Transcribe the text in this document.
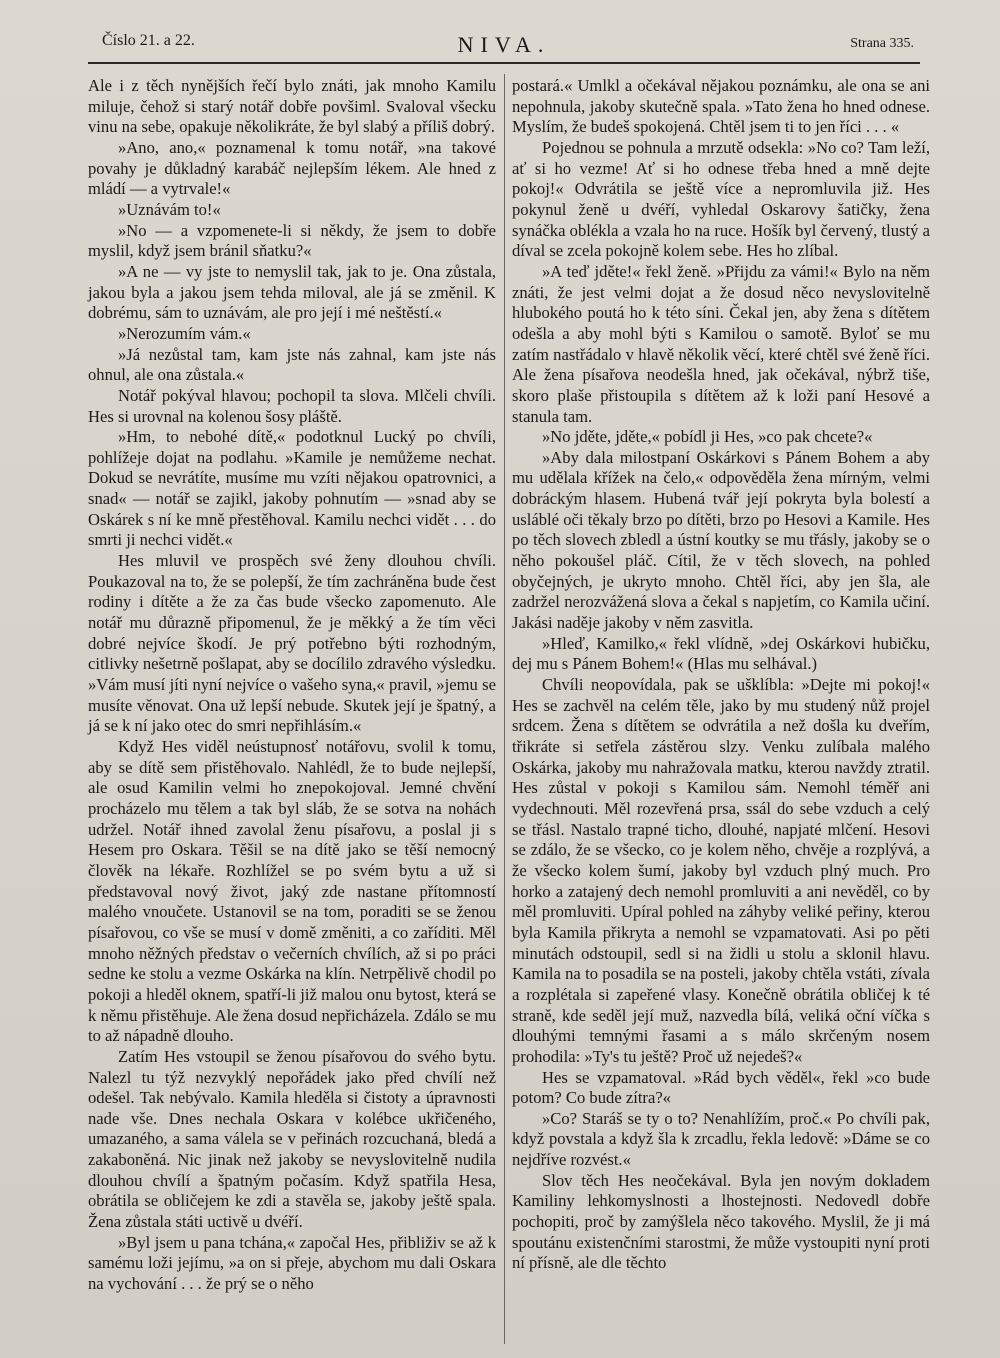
Číslo 21. a 22.	NIVA.	Strana 335.

Ale i z těch nynějších řečí bylo znáti, jak mnoho Kamilu miluje, čehož si starý notář dobře povšiml. Svaloval všecku vinu na sebe, opakuje několikráte, že byl slabý a příliš dobrý.

»Ano, ano,« poznamenal k tomu notář, »na takové povahy je důkladný karabáč nejlepším lékem. Ale hned z mládí — a vytrvale!«

»Uznávám to!«

»No — a vzpomenete-li si někdy, že jsem to dobře myslil, když jsem bránil sňatku?«

»A ne — vy jste to nemyslil tak, jak to je. Ona zůstala, jakou byla a jakou jsem tehda miloval, ale já se změnil. K dobrému, sám to uznávám, ale pro její i mé neštěstí.«

»Nerozumím vám.«

»Já nezůstal tam, kam jste nás zahnal, kam jste nás ohnul, ale ona zůstala.«

Notář pokýval hlavou; pochopil ta slova. Mlčeli chvíli. Hes si urovnal na kolenou šosy pláště.

»Hm, to nebohé dítě,« podotknul Lucký po chvíli, pohlížeje dojat na podlahu. »Kamile je nemůžeme nechat. Dokud se nevrátíte, musíme mu vzíti nějakou opatrovnici, a snad« — notář se zajikl, jakoby pohnutím — »snad aby se Oskárek s ní ke mně přestěhoval. Kamilu nechci vidět . . . do smrti ji nechci vidět.«

Hes mluvil ve prospěch své ženy dlouhou chvíli. Poukazoval na to, že se polepší, že tím zachráněna bude čest rodiny i dítěte a že za čas bude všecko zapomenuto. Ale notář mu důrazně připomenul, že je měkký a že tím věci dobré nejvíce škodí. Je prý potřebno býti rozhodným, citlivky nešetrně pošlapat, aby se docílilo zdravého výsledku. »Vám musí jíti nyní nejvíce o vašeho syna,« pravil, »jemu se musíte věnovat. Ona už lepší nebude. Skutek její je špatný, a já se k ní jako otec do smri nepřihlásím.«

Když Hes viděl neústupnosť notářovu, svolil k tomu, aby se dítě sem přistěhovalo. Nahlédl, že to bude nejlepší, ale osud Kamilin velmi ho znepokojoval. Jemné chvění procházelo mu tělem a tak byl sláb, že se sotva na nohách udržel. Notář ihned zavolal ženu písařovu, a poslal ji s Hesem pro Oskara. Těšil se na dítě jako se těší nemocný člověk na lékaře. Rozhlížel se po svém bytu a už si představoval nový život, jaký zde nastane přítomností malého vnoučete. Ustanovil se na tom, poraditi se se ženou písařovou, co vše se musí v domě změniti, a co zaříditi. Měl mnoho něžných představ o večerních chvílích, až si po práci sedne ke stolu a vezme Oskárka na klín. Netrpělivě chodil po pokoji a hleděl oknem, spatří-li již malou onu bytost, která se k němu přistěhuje. Ale žena dosud nepřicházela. Zdálo se mu to až nápadně dlouho.

Zatím Hes vstoupil se ženou písařovou do svého bytu. Nalezl tu týž nezvyklý nepořádek jako před chvílí než odešel. Tak nebývalo. Kamila hleděla si čistoty a úpravnosti nade vše. Dnes nechala Oskara v kolébce ukřičeného, umazaného, a sama válela se v peřinách rozcuchaná, bledá a zakaboněná. Nic jinak než jakoby se nevyslovitelně nudila dlouhou chvílí a špatným počasím. Když spatřila Hesa, obrátila se obličejem ke zdi a stavěla se, jakoby ještě spala. Žena zůstala státi uctivě u dvéří.

»Byl jsem u pana tchána,« započal Hes, přibliživ se až k samému loži jejímu, »a on si přeje, abychom mu dali Oskara na vychování . . . že prý se o něho

postará.« Umlkl a očekával nějakou poznámku, ale ona se ani nepohnula, jakoby skutečně spala. »Tato žena ho hned odnese. Myslím, že budeš spokojená. Chtěl jsem ti to jen říci . . . «

Pojednou se pohnula a mrzutě odsekla: »No co? Tam leží, ať si ho vezme! Ať si ho odnese třeba hned a mně dejte pokoj!« Odvrátila se ještě více a nepromluvila již. Hes pokynul ženě u dvéří, vyhledal Oskarovy šatičky, žena synáčka oblékla a vzala ho na ruce. Hošík byl červený, tlustý a díval se zcela pokojně kolem sebe. Hes ho zlíbal.

»A teď jděte!« řekl ženě. »Přijdu za vámi!« Bylo na něm znáti, že jest velmi dojat a že dosud něco nevyslovitelně hlubokého poutá ho k této síni. Čekal jen, aby žena s dítětem odešla a aby mohl býti s Kamilou o samotě. Byloť se mu zatím nastřádalo v hlavě několik věcí, které chtěl své ženě říci. Ale žena písařova neodešla hned, jak očekával, nýbrž tiše, skoro plaše přistoupila s dítětem až k loži paní Hesové a stanula tam.

»No jděte, jděte,« pobídl ji Hes, »co pak chcete?«

»Aby dala milostpaní Oskárkovi s Pánem Bohem a aby mu udělala křížek na čelo,« odpověděla žena mírným, velmi dobráckým hlasem. Hubená tvář její pokryta byla bolestí a usláblé oči těkaly brzo po dítěti, brzo po Hesovi a Kamile. Hes po těch slovech zbledl a ústní koutky se mu třásly, jakoby se o něho pokoušel pláč. Cítil, že v těch slovech, na pohled obyčejných, je ukryto mnoho. Chtěl říci, aby jen šla, ale zadržel nerozvážená slova a čekal s napjetím, co Kamila učiní. Jakási naděje jakoby v něm zasvitla.

»Hleď, Kamilko,« řekl vlídně, »dej Oskárkovi hubičku, dej mu s Pánem Bohem!« (Hlas mu selhával.)

Chvíli neopovídala, pak se ušklíbla: »Dejte mi pokoj!« Hes se zachvěl na celém těle, jako by mu studený nůž projel srdcem. Žena s dítětem se odvrátila a než došla ku dveřím, třikráte si setřela zástěrou slzy. Venku zulíbala malého Oskárka, jakoby mu nahražovala matku, kterou navždy ztratil. Hes zůstal v pokoji s Kamilou sám. Nemohl téměř ani vydechnouti. Měl rozevřená prsa, ssál do sebe vzduch a celý se třásl. Nastalo trapné ticho, dlouhé, napjaté mlčení. Hesovi se zdálo, že se všecko, co je kolem něho, chvěje a rozplývá, a že všecko kolem šumí, jakoby byl vzduch plný much. Pro horko a zatajený dech nemohl promluviti a ani nevěděl, co by měl promluviti. Upíral pohled na záhyby veliké peřiny, kterou byla Kamila přikryta a nemohl se vzpamatovati. Asi po pěti minutách odstoupil, sedl si na židli u stolu a sklonil hlavu. Kamila na to posadila se na posteli, jakoby chtěla vstáti, zívala a rozplétala si zapeřené vlasy. Konečně obrátila obličej k té straně, kde seděl její muž, nazvedla bílá, veliká oční víčka s dlouhými temnými řasami a s málo skrčeným nosem prohodila: »Ty's tu ještě? Proč už nejedeš?«

Hes se vzpamatoval. »Rád bych věděl«, řekl »co bude potom? Co bude zítra?«

»Co? Staráš se ty o to? Nenahlížím, proč.« Po chvíli pak, když povstala a když šla k zrcadlu, řekla ledově: »Dáme se co nejdříve rozvést.«

Slov těch Hes neočekával. Byla jen novým dokladem Kamiliny lehkomyslnosti a lhostejnosti. Nedovedl dobře pochopiti, proč by zamýšlela něco takového. Myslil, že ji má spoutánu existenčními starostmi, že může vystoupiti nyní proti ní přísně, ale dle těchto
